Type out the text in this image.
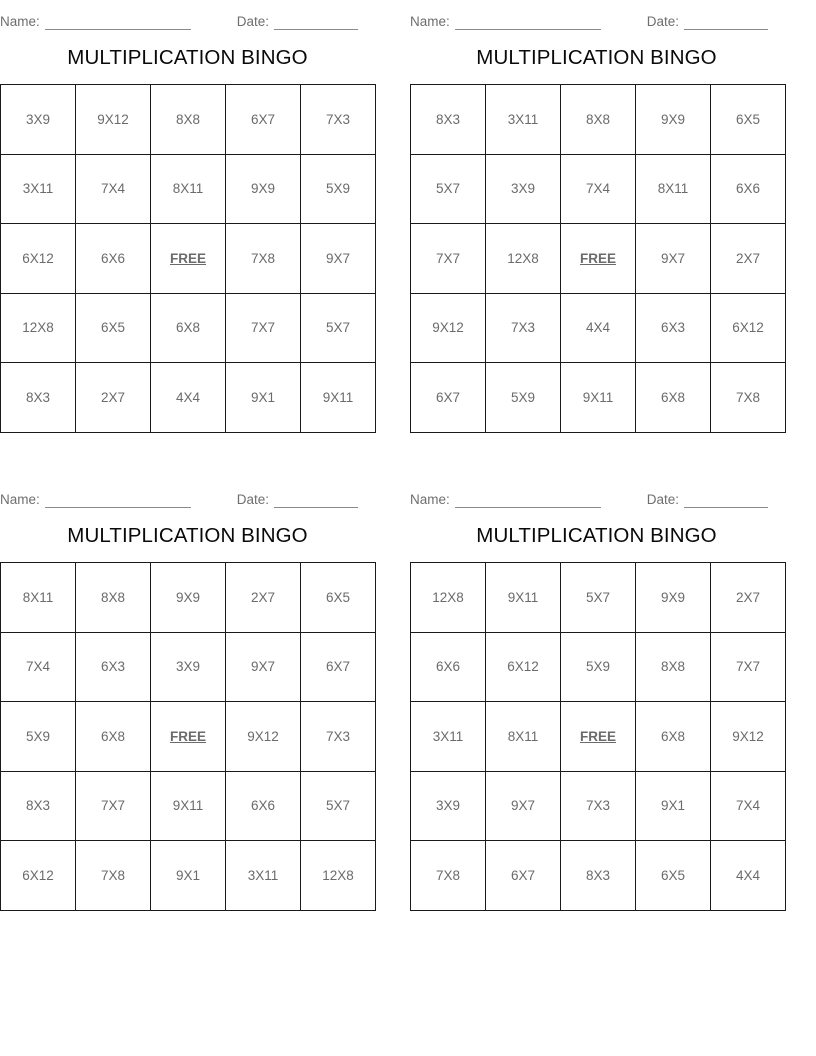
Name:	Date:
MULTIPLICATION BINGO
3X9	9X12	8X8	6X7	7X3
3X11	7X4	8X11	9X9	5X9
6X12	6X6	FREE	7X8	9X7
12X8	6X5	6X8	7X7	5X7
8X3	2X7	4X4	9X1	9X11
Name:	Date:
MULTIPLICATION BINGO
8X3	3X11	8X8	9X9	6X5
5X7	3X9	7X4	8X11	6X6
7X7	12X8	FREE	9X7	2X7
9X12	7X3	4X4	6X3	6X12
6X7	5X9	9X11	6X8	7X8
Name:	Date:
MULTIPLICATION BINGO
8X11	8X8	9X9	2X7	6X5
7X4	6X3	3X9	9X7	6X7
5X9	6X8	FREE	9X12	7X3
8X3	7X7	9X11	6X6	5X7
6X12	7X8	9X1	3X11	12X8
Name:	Date:
MULTIPLICATION BINGO
12X8	9X11	5X7	9X9	2X7
6X6	6X12	5X9	8X8	7X7
3X11	8X11	FREE	6X8	9X12
3X9	9X7	7X3	9X1	7X4
7X8	6X7	8X3	6X5	4X4
